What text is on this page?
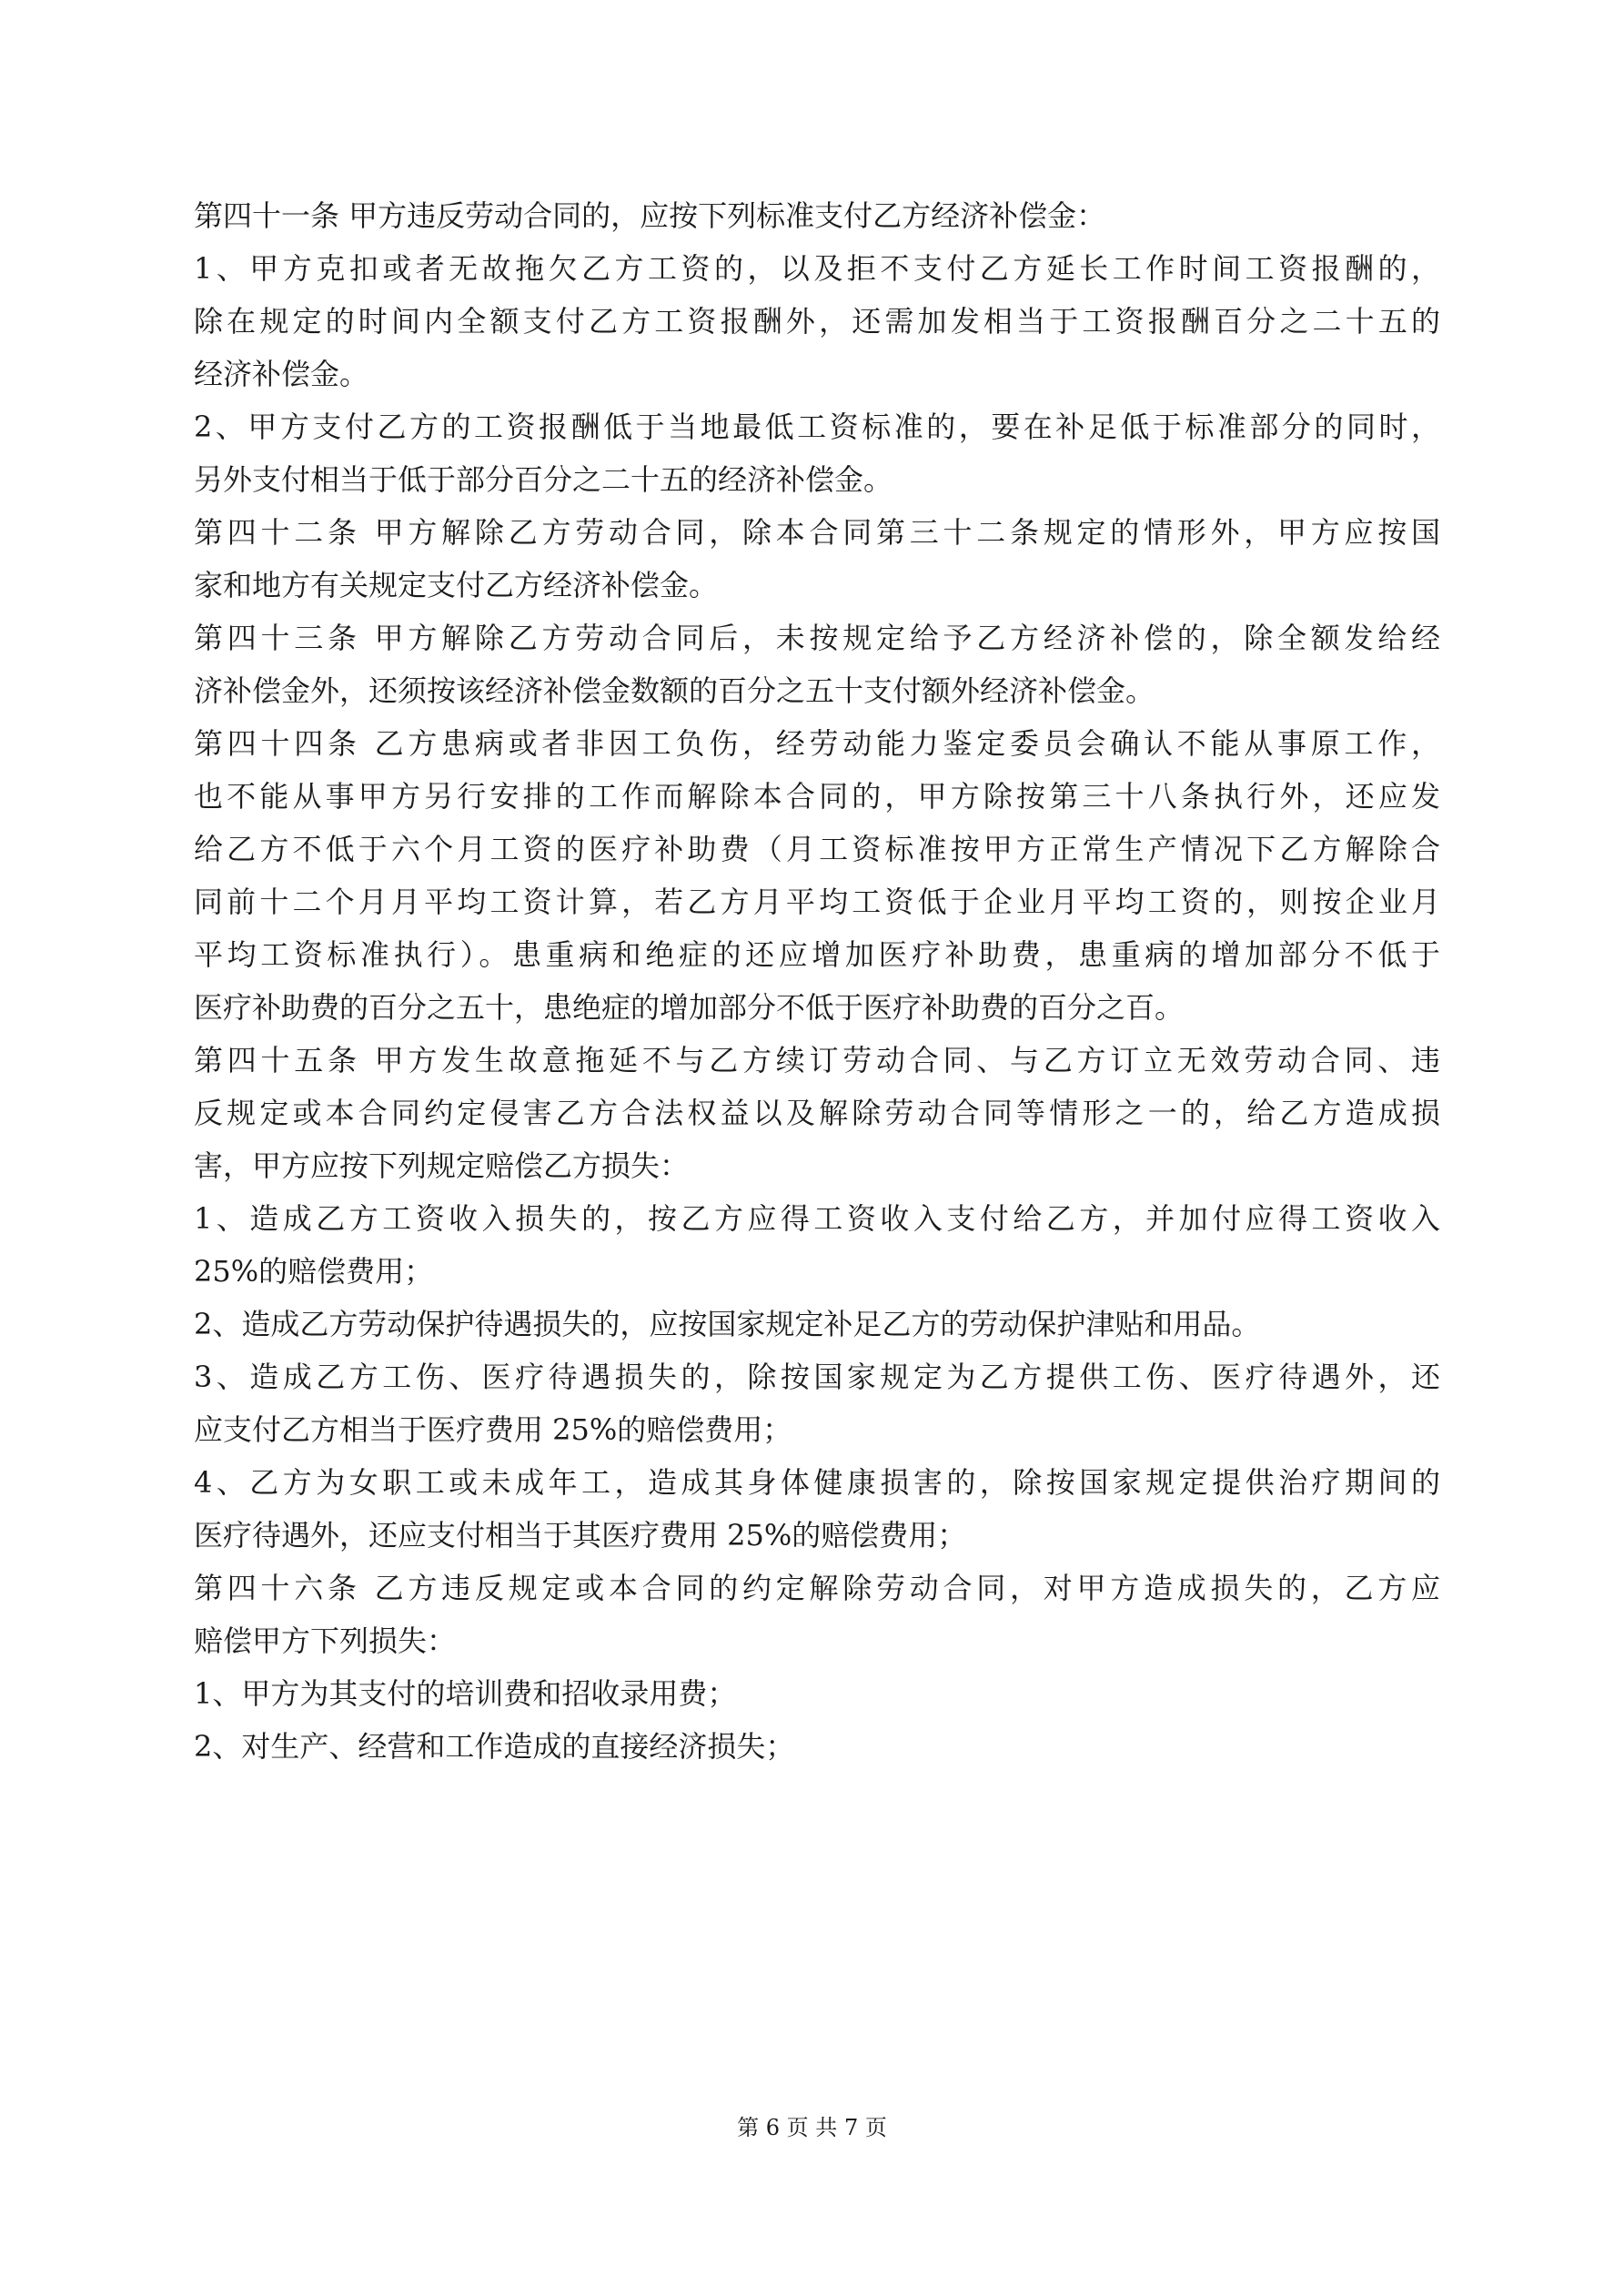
第四十一条 甲方违反劳动合同的，应按下列标准支付乙方经济补偿金：
1、甲方克扣或者无故拖欠乙方工资的，以及拒不支付乙方延长工作时间工资报酬的，
除在规定的时间内全额支付乙方工资报酬外，还需加发相当于工资报酬百分之二十五的
经济补偿金。
2、甲方支付乙方的工资报酬低于当地最低工资标准的，要在补足低于标准部分的同时，
另外支付相当于低于部分百分之二十五的经济补偿金。
第四十二条 甲方解除乙方劳动合同，除本合同第三十二条规定的情形外，甲方应按国
家和地方有关规定支付乙方经济补偿金。
第四十三条 甲方解除乙方劳动合同后，未按规定给予乙方经济补偿的，除全额发给经
济补偿金外，还须按该经济补偿金数额的百分之五十支付额外经济补偿金。
第四十四条 乙方患病或者非因工负伤，经劳动能力鉴定委员会确认不能从事原工作，
也不能从事甲方另行安排的工作而解除本合同的，甲方除按第三十八条执行外，还应发
给乙方不低于六个月工资的医疗补助费（月工资标准按甲方正常生产情况下乙方解除合
同前十二个月月平均工资计算，若乙方月平均工资低于企业月平均工资的，则按企业月
平均工资标准执行）。患重病和绝症的还应增加医疗补助费，患重病的增加部分不低于
医疗补助费的百分之五十，患绝症的增加部分不低于医疗补助费的百分之百。
第四十五条 甲方发生故意拖延不与乙方续订劳动合同、与乙方订立无效劳动合同、违
反规定或本合同约定侵害乙方合法权益以及解除劳动合同等情形之一的，给乙方造成损
害，甲方应按下列规定赔偿乙方损失：
1、造成乙方工资收入损失的，按乙方应得工资收入支付给乙方，并加付应得工资收入
25%的赔偿费用；
2、造成乙方劳动保护待遇损失的，应按国家规定补足乙方的劳动保护津贴和用品。
3、造成乙方工伤、医疗待遇损失的，除按国家规定为乙方提供工伤、医疗待遇外，还
应支付乙方相当于医疗费用 25%的赔偿费用；
4、乙方为女职工或未成年工，造成其身体健康损害的，除按国家规定提供治疗期间的
医疗待遇外，还应支付相当于其医疗费用 25%的赔偿费用；
第四十六条 乙方违反规定或本合同的约定解除劳动合同，对甲方造成损失的，乙方应
赔偿甲方下列损失：
1、甲方为其支付的培训费和招收录用费；
2、对生产、经营和工作造成的直接经济损失；
第 6 页 共 7 页
